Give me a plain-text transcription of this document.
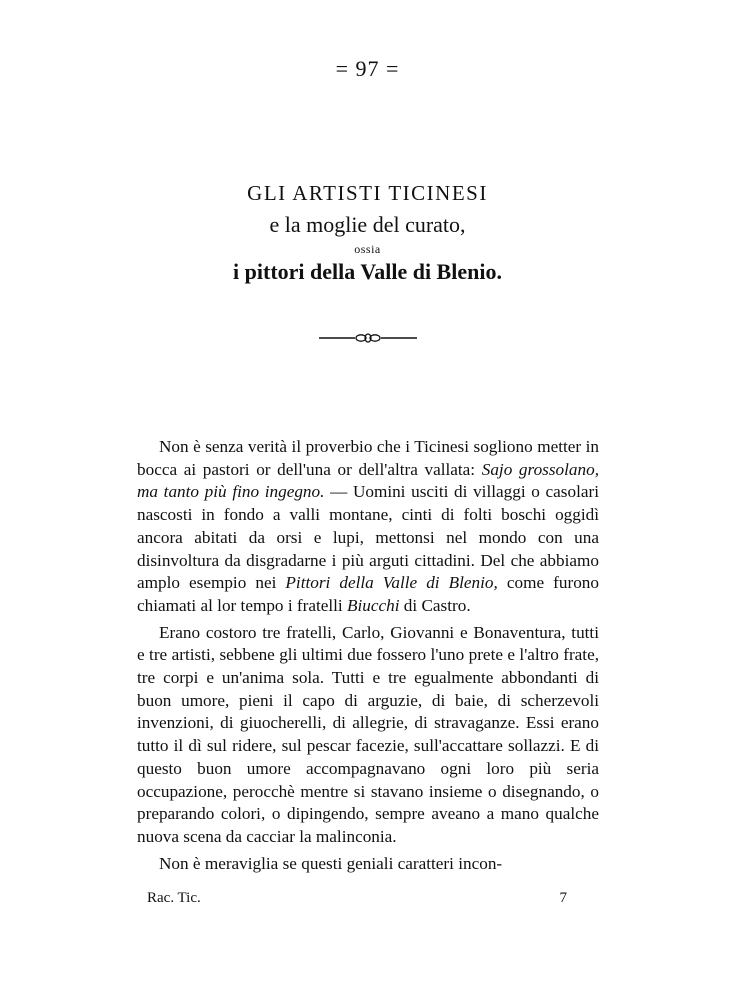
= 97 =
GLI ARTISTI TICINESI
e la moglie del curato,
ossia
i pittori della Valle di Blenio.

Non è senza verità il proverbio che i Ticinesi sogliono metter in bocca ai pastori or dell'una or dell'altra vallata: Sajo grossolano, ma tanto più fino ingegno. — Uomini usciti di villaggi o casolari nascosti in fondo a valli montane, cinti di folti boschi oggidì ancora abitati da orsi e lupi, mettonsi nel mondo con una disinvoltura da disgradarne i più arguti cittadini. Del che abbiamo amplo esempio nei Pittori della Valle di Blenio, come furono chiamati al lor tempo i fratelli Biucchi di Castro.

Erano costoro tre fratelli, Carlo, Giovanni e Bonaventura, tutti e tre artisti, sebbene gli ultimi due fossero l'uno prete e l'altro frate, tre corpi e un'anima sola. Tutti e tre egualmente abbondanti di buon umore, pieni il capo di arguzie, di baie, di scherzevoli invenzioni, di giuocherelli, di allegrie, di stravaganze. Essi erano tutto il dì sul ridere, sul pescar facezie, sull'accattare sollazzi. E di questo buon umore accompagnavano ogni loro più seria occupazione, perocchè mentre si stavano insieme o disegnando, o preparando colori, o dipingendo, sempre aveano a mano qualche nuova scena da cacciar la malinconia.

Non è meraviglia se questi geniali caratteri incon-

Rac. Tic.	7
